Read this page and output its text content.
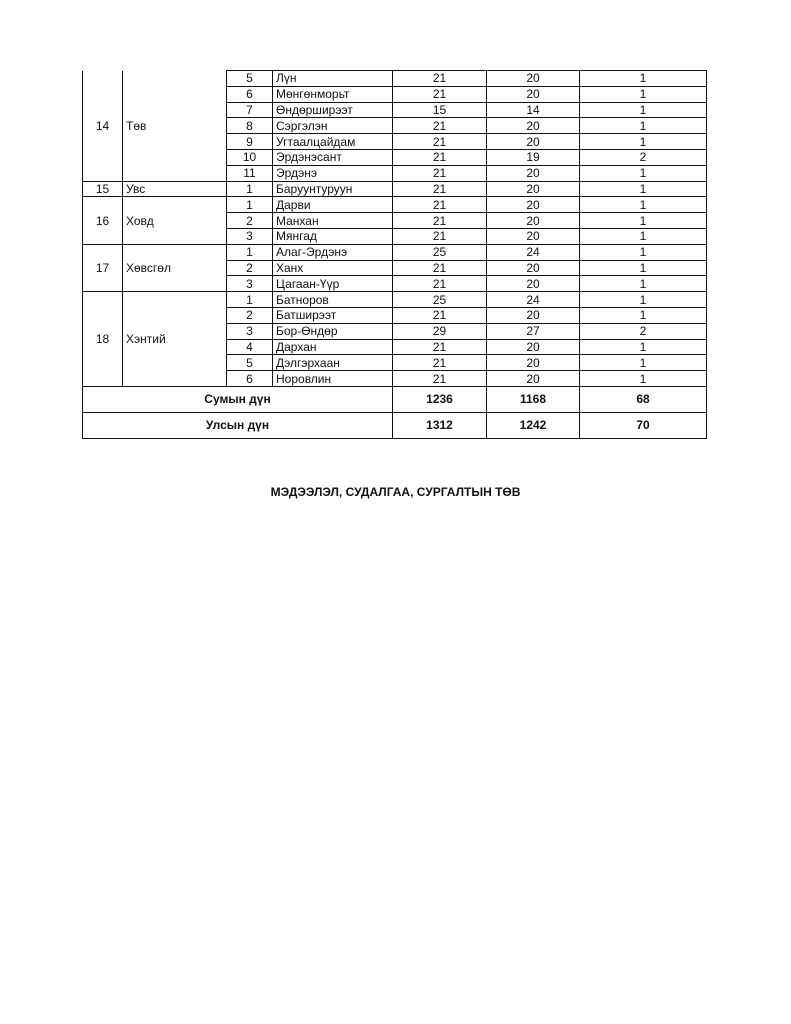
14	Төв	5	Лүн	21	20	1
		6	Мөнгөнморьт	21	20	1
		7	Өндөрширээт	15	14	1
		8	Сэргэлэн	21	20	1
		9	Угтаалцайдам	21	20	1
		10	Эрдэнэсант	21	19	2
		11	Эрдэнэ	21	20	1
15	Увс	1	Баруунтуруун	21	20	1
16	Ховд	1	Дарви	21	20	1
		2	Манхан	21	20	1
		3	Мянгад	21	20	1
17	Хөвсгөл	1	Алаг-Эрдэнэ	25	24	1
		2	Ханх	21	20	1
		3	Цагаан-Үүр	21	20	1
18	Хэнтий	1	Батноров	25	24	1
		2	Батширээт	21	20	1
		3	Бор-Өндөр	29	27	2
		4	Дархан	21	20	1
		5	Дэлгэрхаан	21	20	1
		6	Норовлин	21	20	1
Сумын дүн				1236	1168	68
Улсын дүн				1312	1242	70
МЭДЭЭЛЭЛ, СУДАЛГАА, СУРГАЛТЫН ТӨВ
